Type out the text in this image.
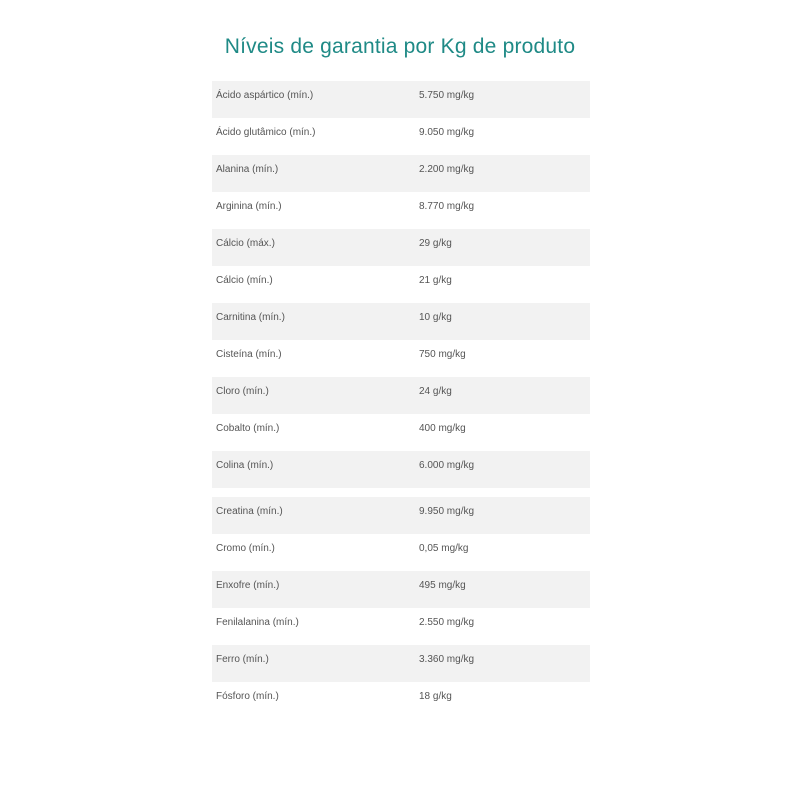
Níveis de garantia por Kg de produto
Ácido aspártico (mín.)	5.750 mg/kg
Ácido glutâmico (mín.)	9.050 mg/kg
Alanina (mín.)	2.200 mg/kg
Arginina (mín.)	8.770 mg/kg
Cálcio (máx.)	29 g/kg
Cálcio (mín.)	21 g/kg
Carnitina (mín.)	10 g/kg
Cisteína (mín.)	750 mg/kg
Cloro (mín.)	24 g/kg
Cobalto (mín.)	400 mg/kg
Colina (mín.)	6.000 mg/kg
Creatina (mín.)	9.950 mg/kg
Cromo (mín.)	0,05 mg/kg
Enxofre (mín.)	495 mg/kg
Fenilalanina (mín.)	2.550 mg/kg
Ferro (mín.)	3.360 mg/kg
Fósforo (mín.)	18 g/kg
